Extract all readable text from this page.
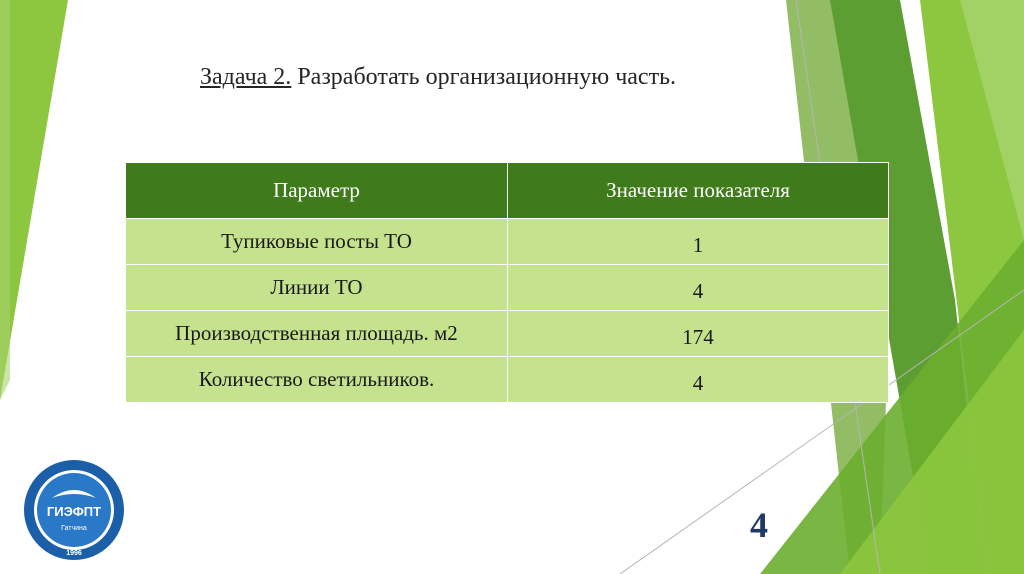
Задача 2. Разработать организационную часть.
Параметр	Значение показателя
Тупиковые посты ТО	1
Линии ТО	4
Производственная площадь. м2	174
Количество светильников.	4
ГИЭФПТ
Гатчина
1996
4
